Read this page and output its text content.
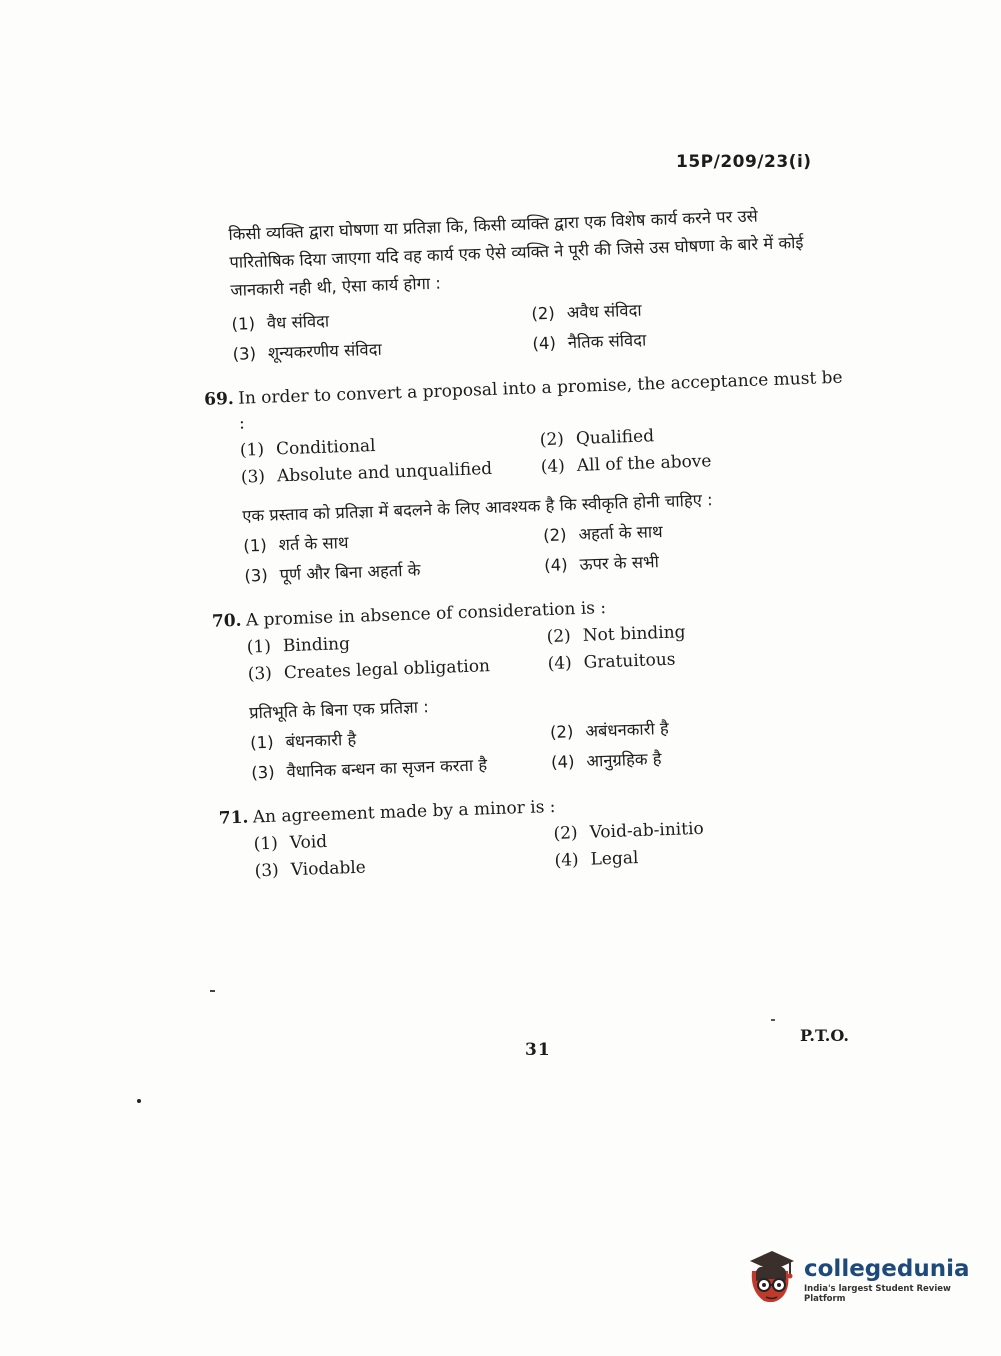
15P/209/23(i)
किसी व्यक्ति द्वारा घोषणा या प्रतिज्ञा कि, किसी व्यक्ति द्वारा एक विशेष कार्य करने पर उसे पारितोषिक दिया जाएगा यदि वह कार्य एक ऐसे व्यक्ति ने पूरी की जिसे उस घोषणा के बारे में कोई जानकारी नही थी, ऐसा कार्य होगा :
(1) वैध संविदा	(2) अवैध संविदा
(3) शून्यकरणीय संविदा	(4) नैतिक संविदा
69. In order to convert a proposal into a promise, the acceptance must be :
(1) Conditional	(2) Qualified
(3) Absolute and unqualified	(4) All of the above
एक प्रस्ताव को प्रतिज्ञा में बदलने के लिए आवश्यक है कि स्वीकृति होनी चाहिए :
(1) शर्त के साथ	(2) अहर्ता के साथ
(3) पूर्ण और बिना अहर्ता के	(4) ऊपर के सभी
70. A promise in absence of consideration is :
(1) Binding	(2) Not binding
(3) Creates legal obligation	(4) Gratuitous
प्रतिभूति के बिना एक प्रतिज्ञा :
(1) बंधनकारी है	(2) अबंधनकारी है
(3) वैधानिक बन्धन का सृजन करता है	(4) आनुग्रहिक है
71. An agreement made by a minor is :
(1) Void	(2) Void-ab-initio
(3) Viodable	(4) Legal
31
P.T.O.
collegedunia
India's largest Student Review Platform
